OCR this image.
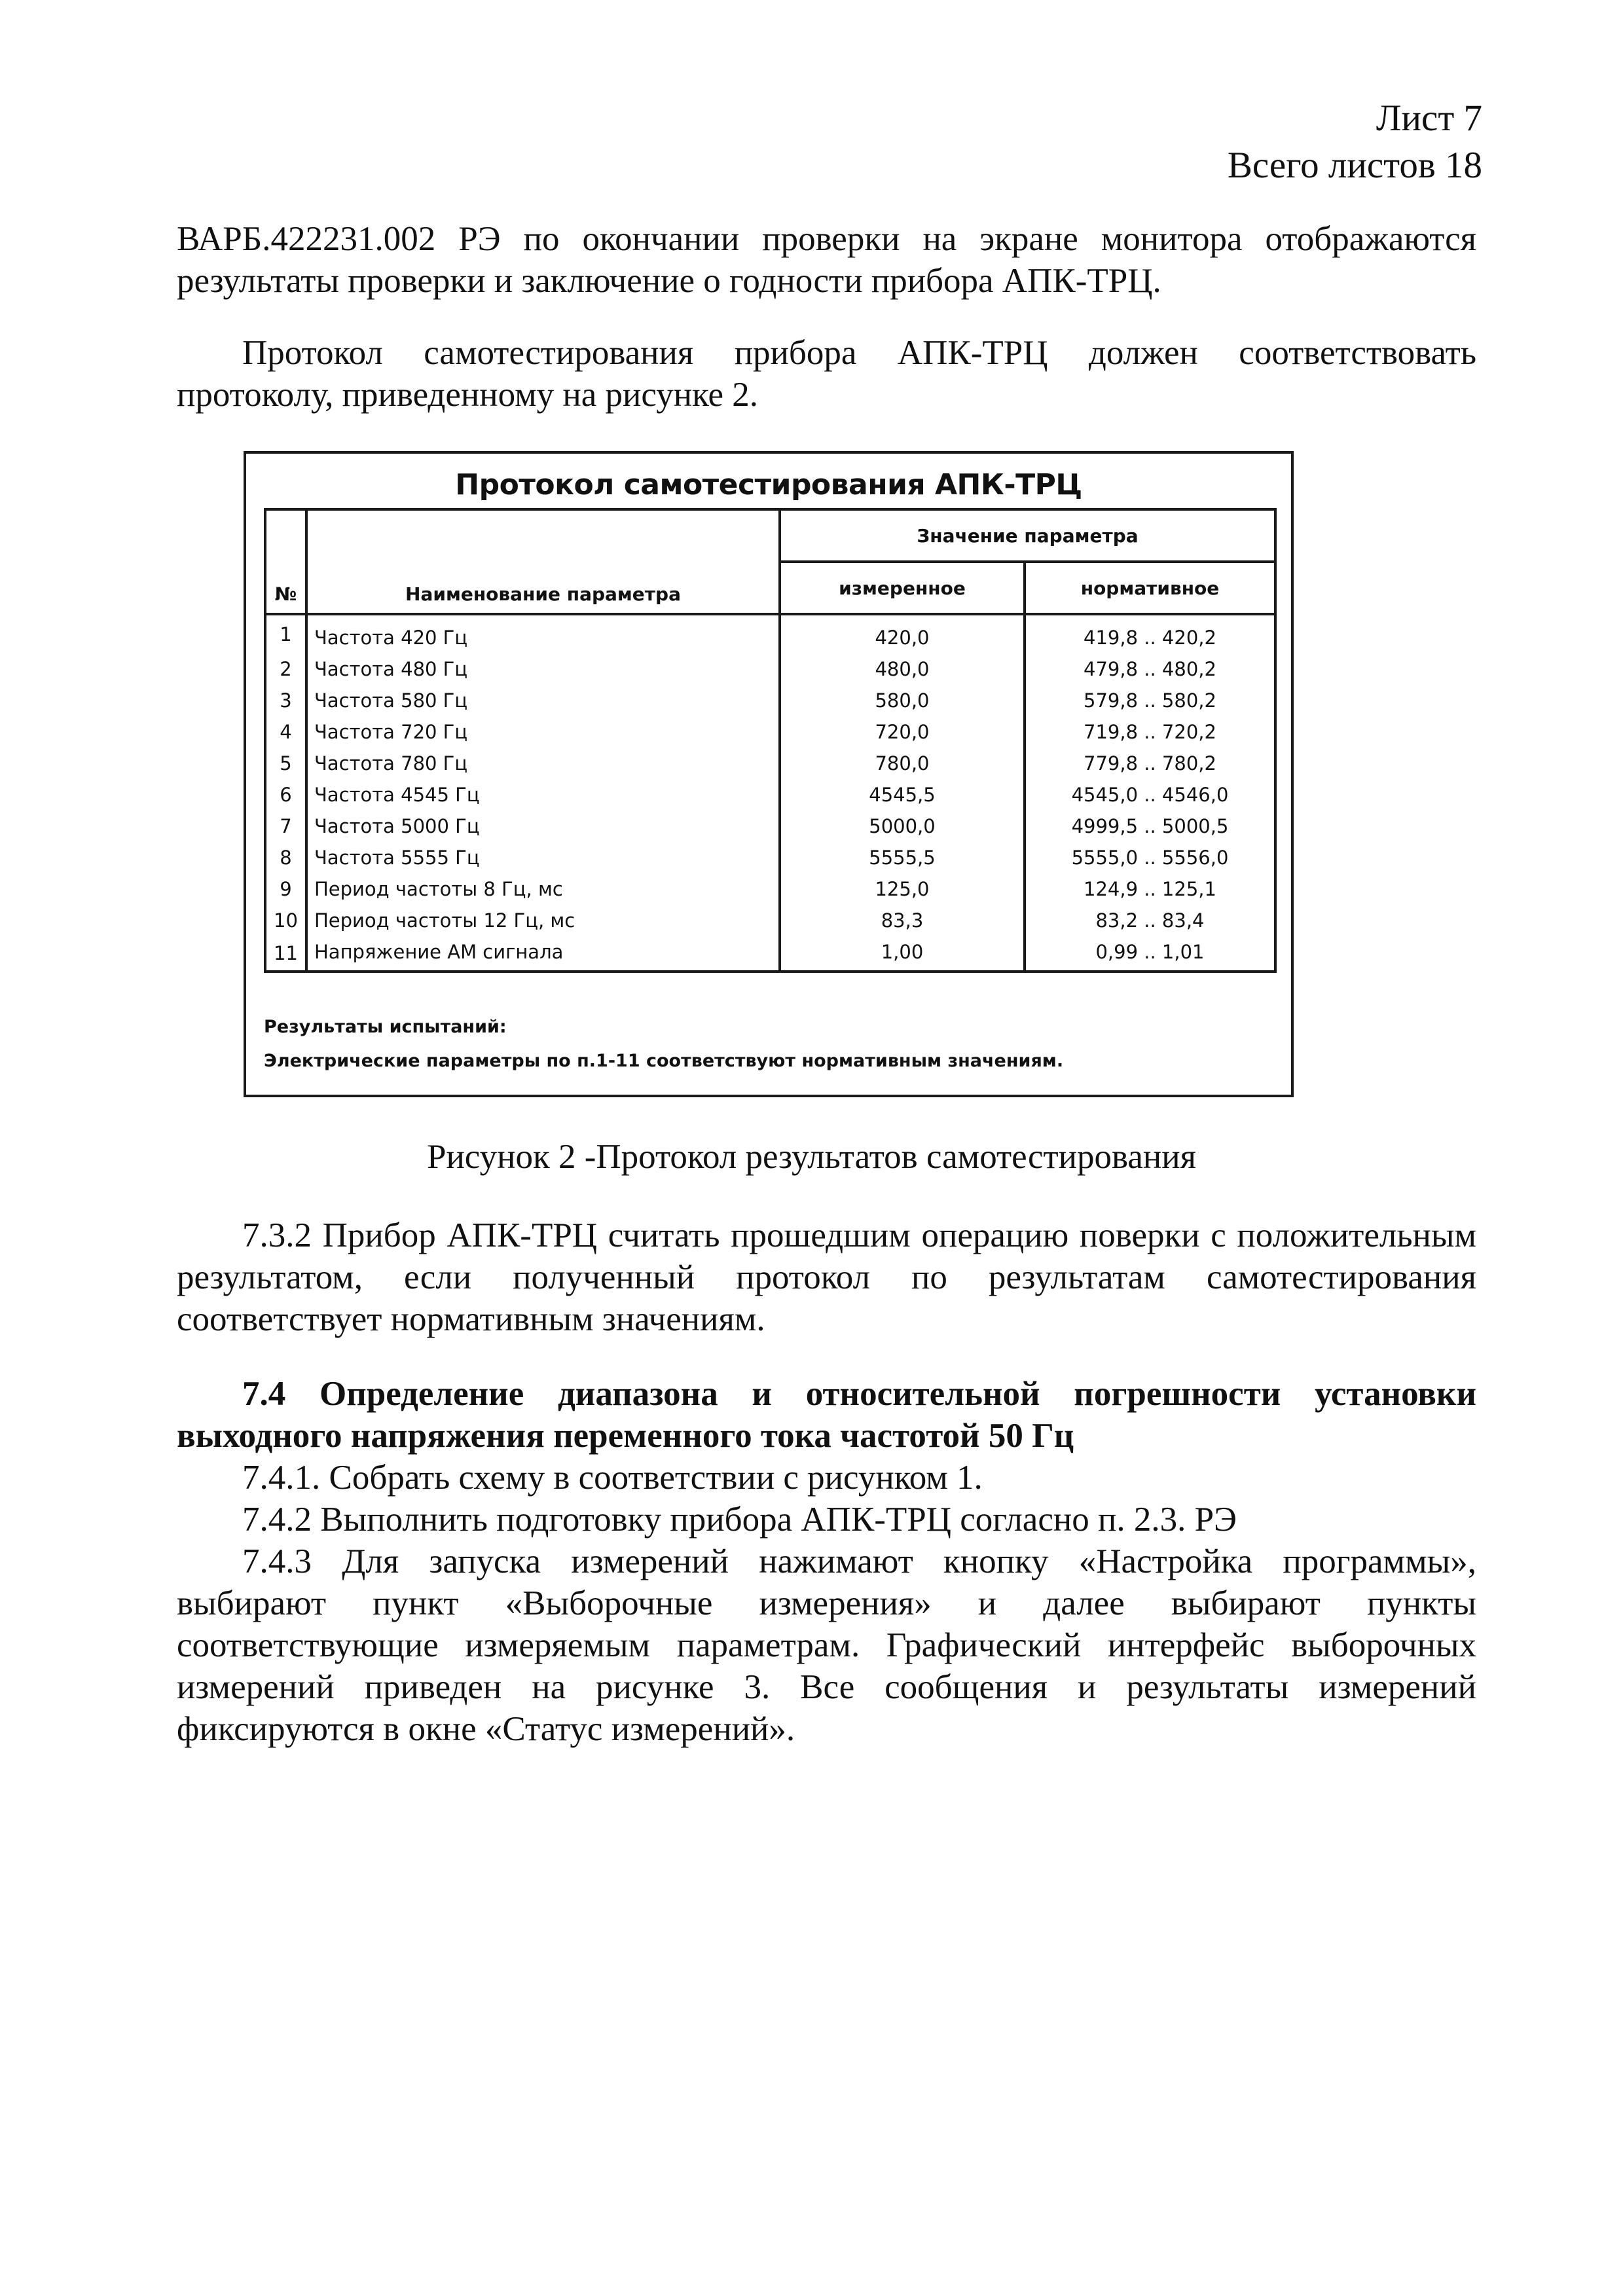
Лист 7
Всего листов 18

ВАРБ.422231.002 РЭ по окончании проверки на экране монитора отображаются результаты проверки и заключение о годности прибора АПК-ТРЦ.

Протокол самотестирования прибора АПК-ТРЦ должен соответствовать протоколу, приведенному на рисунке 2.

Протокол самотестирования АПК-ТРЦ
№	Наименование параметра	Значение параметра	
		измеренное	нормативное
1	Частота 420 Гц	420,0	419,8 .. 420,2
2	Частота 480 Гц	480,0	479,8 .. 480,2
3	Частота 580 Гц	580,0	579,8 .. 580,2
4	Частота 720 Гц	720,0	719,8 .. 720,2
5	Частота 780 Гц	780,0	779,8 .. 780,2
6	Частота 4545 Гц	4545,5	4545,0 .. 4546,0
7	Частота 5000 Гц	5000,0	4999,5 .. 5000,5
8	Частота 5555 Гц	5555,5	5555,0 .. 5556,0
9	Период частоты 8 Гц, мс	125,0	124,9 .. 125,1
10	Период частоты 12 Гц, мс	83,3	83,2 .. 83,4
11	Напряжение АМ сигнала	1,00	0,99 .. 1,01
Результаты испытаний:
Электрические параметры по п.1-11 соответствуют нормативным значениям.
Рисунок 2 -Протокол результатов самотестирования

7.3.2 Прибор АПК-ТРЦ считать прошедшим операцию поверки с положительным результатом, если полученный протокол по результатам самотестирования соответствует нормативным значениям.

7.4 Определение диапазона и относительной погрешности установки выходного напряжения переменного тока частотой 50 Гц

7.4.1. Собрать схему в соответствии с рисунком 1.

7.4.2 Выполнить подготовку прибора АПК-ТРЦ согласно п. 2.3. РЭ

7.4.3 Для запуска измерений нажимают кнопку «Настройка программы», выбирают пункт «Выборочные измерения» и далее выбирают пункты соответствующие измеряемым параметрам. Графический интерфейс выборочных измерений приведен на рисунке 3. Все сообщения и результаты измерений фиксируются в окне «Статус измерений».
